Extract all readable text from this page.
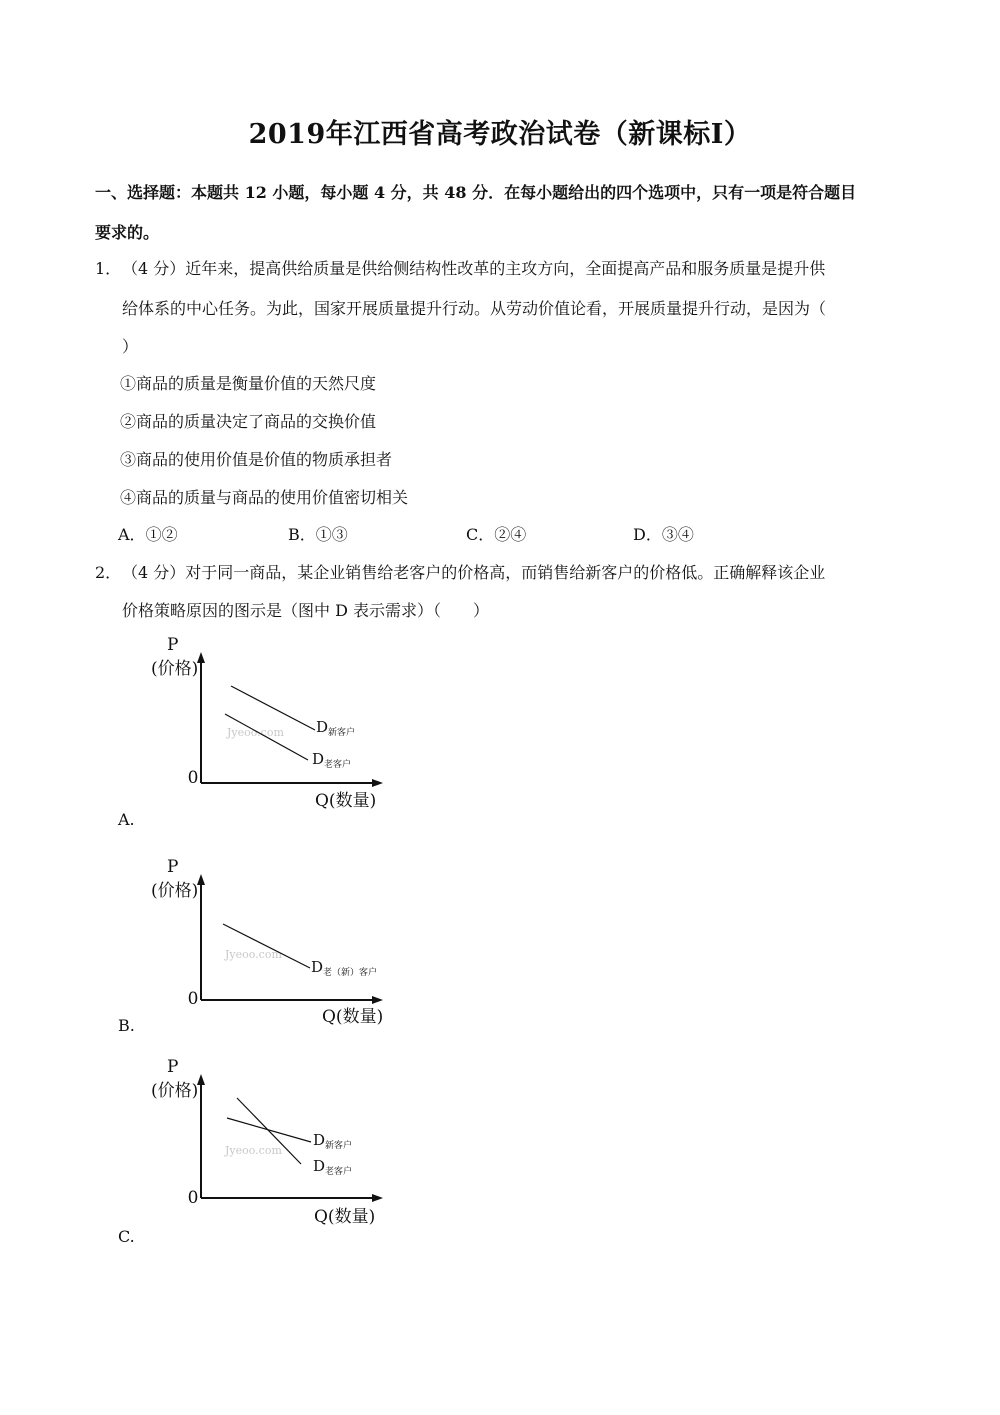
2019年江西省高考政治试卷（新课标Ⅰ）
一、选择题：本题共 12 小题，每小题 4 分，共 48 分．在每小题给出的四个选项中，只有一项是符合题目
要求的。
1． （4 分）近年来，提高供给质量是供给侧结构性改革的主攻方向，全面提高产品和服务质量是提升供
给体系的中心任务。为此，国家开展质量提升行动。从劳动价值论看，开展质量提升行动，是因为（
）
①商品的质量是衡量价值的天然尺度
②商品的质量决定了商品的交换价值
③商品的使用价值是价值的物质承担者
④商品的质量与商品的使用价值密切相关
A．①②	B．①③	C．②④	D．③④
2． （4 分）对于同一商品，某企业销售给老客户的价格高，而销售给新客户的价格低。正确解释该企业
价格策略原因的图示是（图中 D 表示需求）（　　）
P
(价格)
0
Q(数量)
Jyeoo.com D新客户
D老客户
A.
P
(价格)
0
Q(数量)
Jyeoo.com
D老（新）客户
B.
P
(价格)
0
Q(数量)
Jyeoo.com
D新客户
D老客户
C.
